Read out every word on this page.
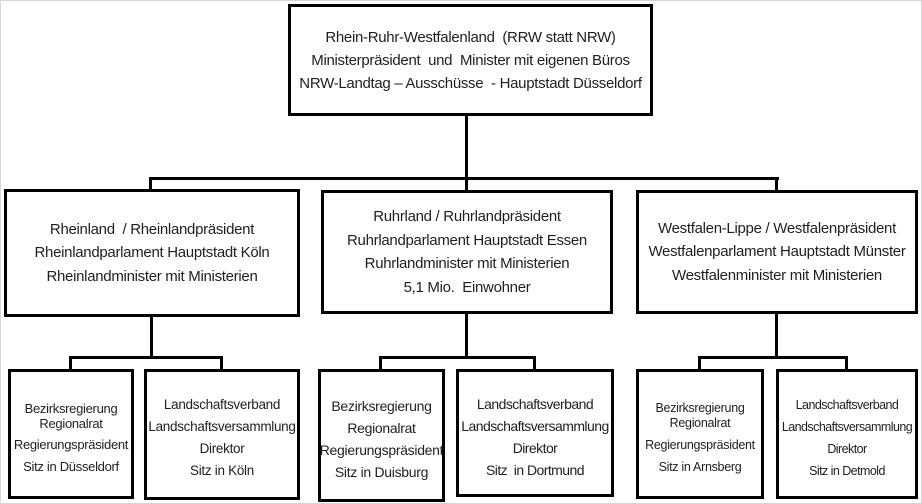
Rhein-Ruhr-Westfalenland  (RRW statt NRW)
Ministerpräsident  und  Minister mit eigenen Büros
NRW-Landtag – Ausschüsse  - Hauptstadt Düsseldorf
Rheinland  / Rheinlandpräsident
Rheinlandparlament Hauptstadt Köln
Rheinlandminister mit Ministerien
Ruhrland / Ruhrlandpräsident
Ruhrlandparlament Hauptstadt Essen
Ruhrlandminister mit Ministerien
5,1 Mio.  Einwohner
Westfalen-Lippe / Westfalenpräsident
Westfalenparlament Hauptstadt Münster
Westfalenminister mit Ministerien
Bezirksregierung
Regionalrat
Regierungspräsident
Sitz in Düsseldorf
Landschaftsverband
Landschaftsversammlung
Direktor
Sitz in Köln
Bezirksregierung
Regionalrat
Regierungspräsident
Sitz in Duisburg
Landschaftsverband
Landschaftsversammlung
Direktor
Sitz  in Dortmund
Bezirksregierung
Regionalrat
Regierungspräsident
Sitz in Arnsberg
Landschaftsverband
Landschaftsversammlung
Direktor
Sitz in Detmold
